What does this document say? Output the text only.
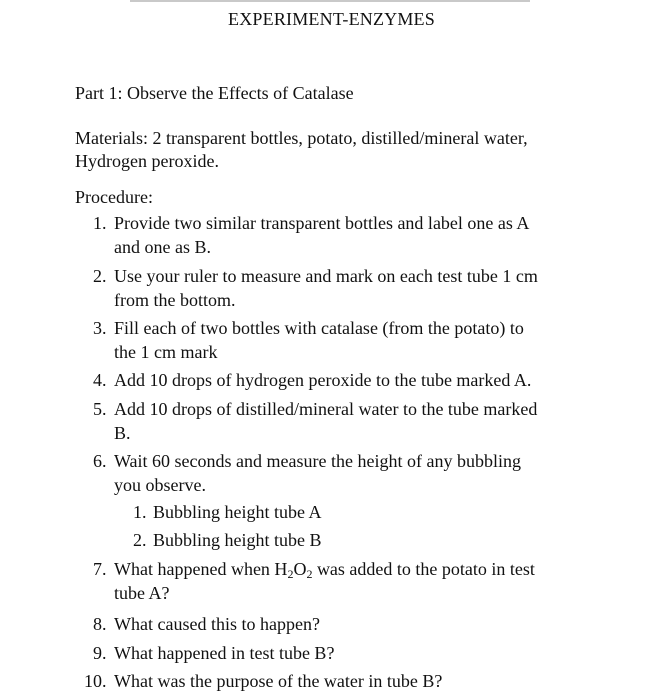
EXPERIMENT-ENZYMES
Part 1: Observe the Effects of Catalase
Materials: 2 transparent bottles, potato, distilled/mineral water,
Hydrogen peroxide.
Procedure:
1. Provide two similar transparent bottles and label one as A
and one as B.
2. Use your ruler to measure and mark on each test tube 1 cm
from the bottom.
3. Fill each of two bottles with catalase (from the potato) to
the 1 cm mark
4. Add 10 drops of hydrogen peroxide to the tube marked A.
5. Add 10 drops of distilled/mineral water to the tube marked
B.
6. Wait 60 seconds and measure the height of any bubbling
you observe.
1. Bubbling height tube A
2. Bubbling height tube B
7. What happened when $H_2O_2$ was added to the potato in test
tube A?
8. What caused this to happen?
9. What happened in test tube B?
10. What was the purpose of the water in tube B?
